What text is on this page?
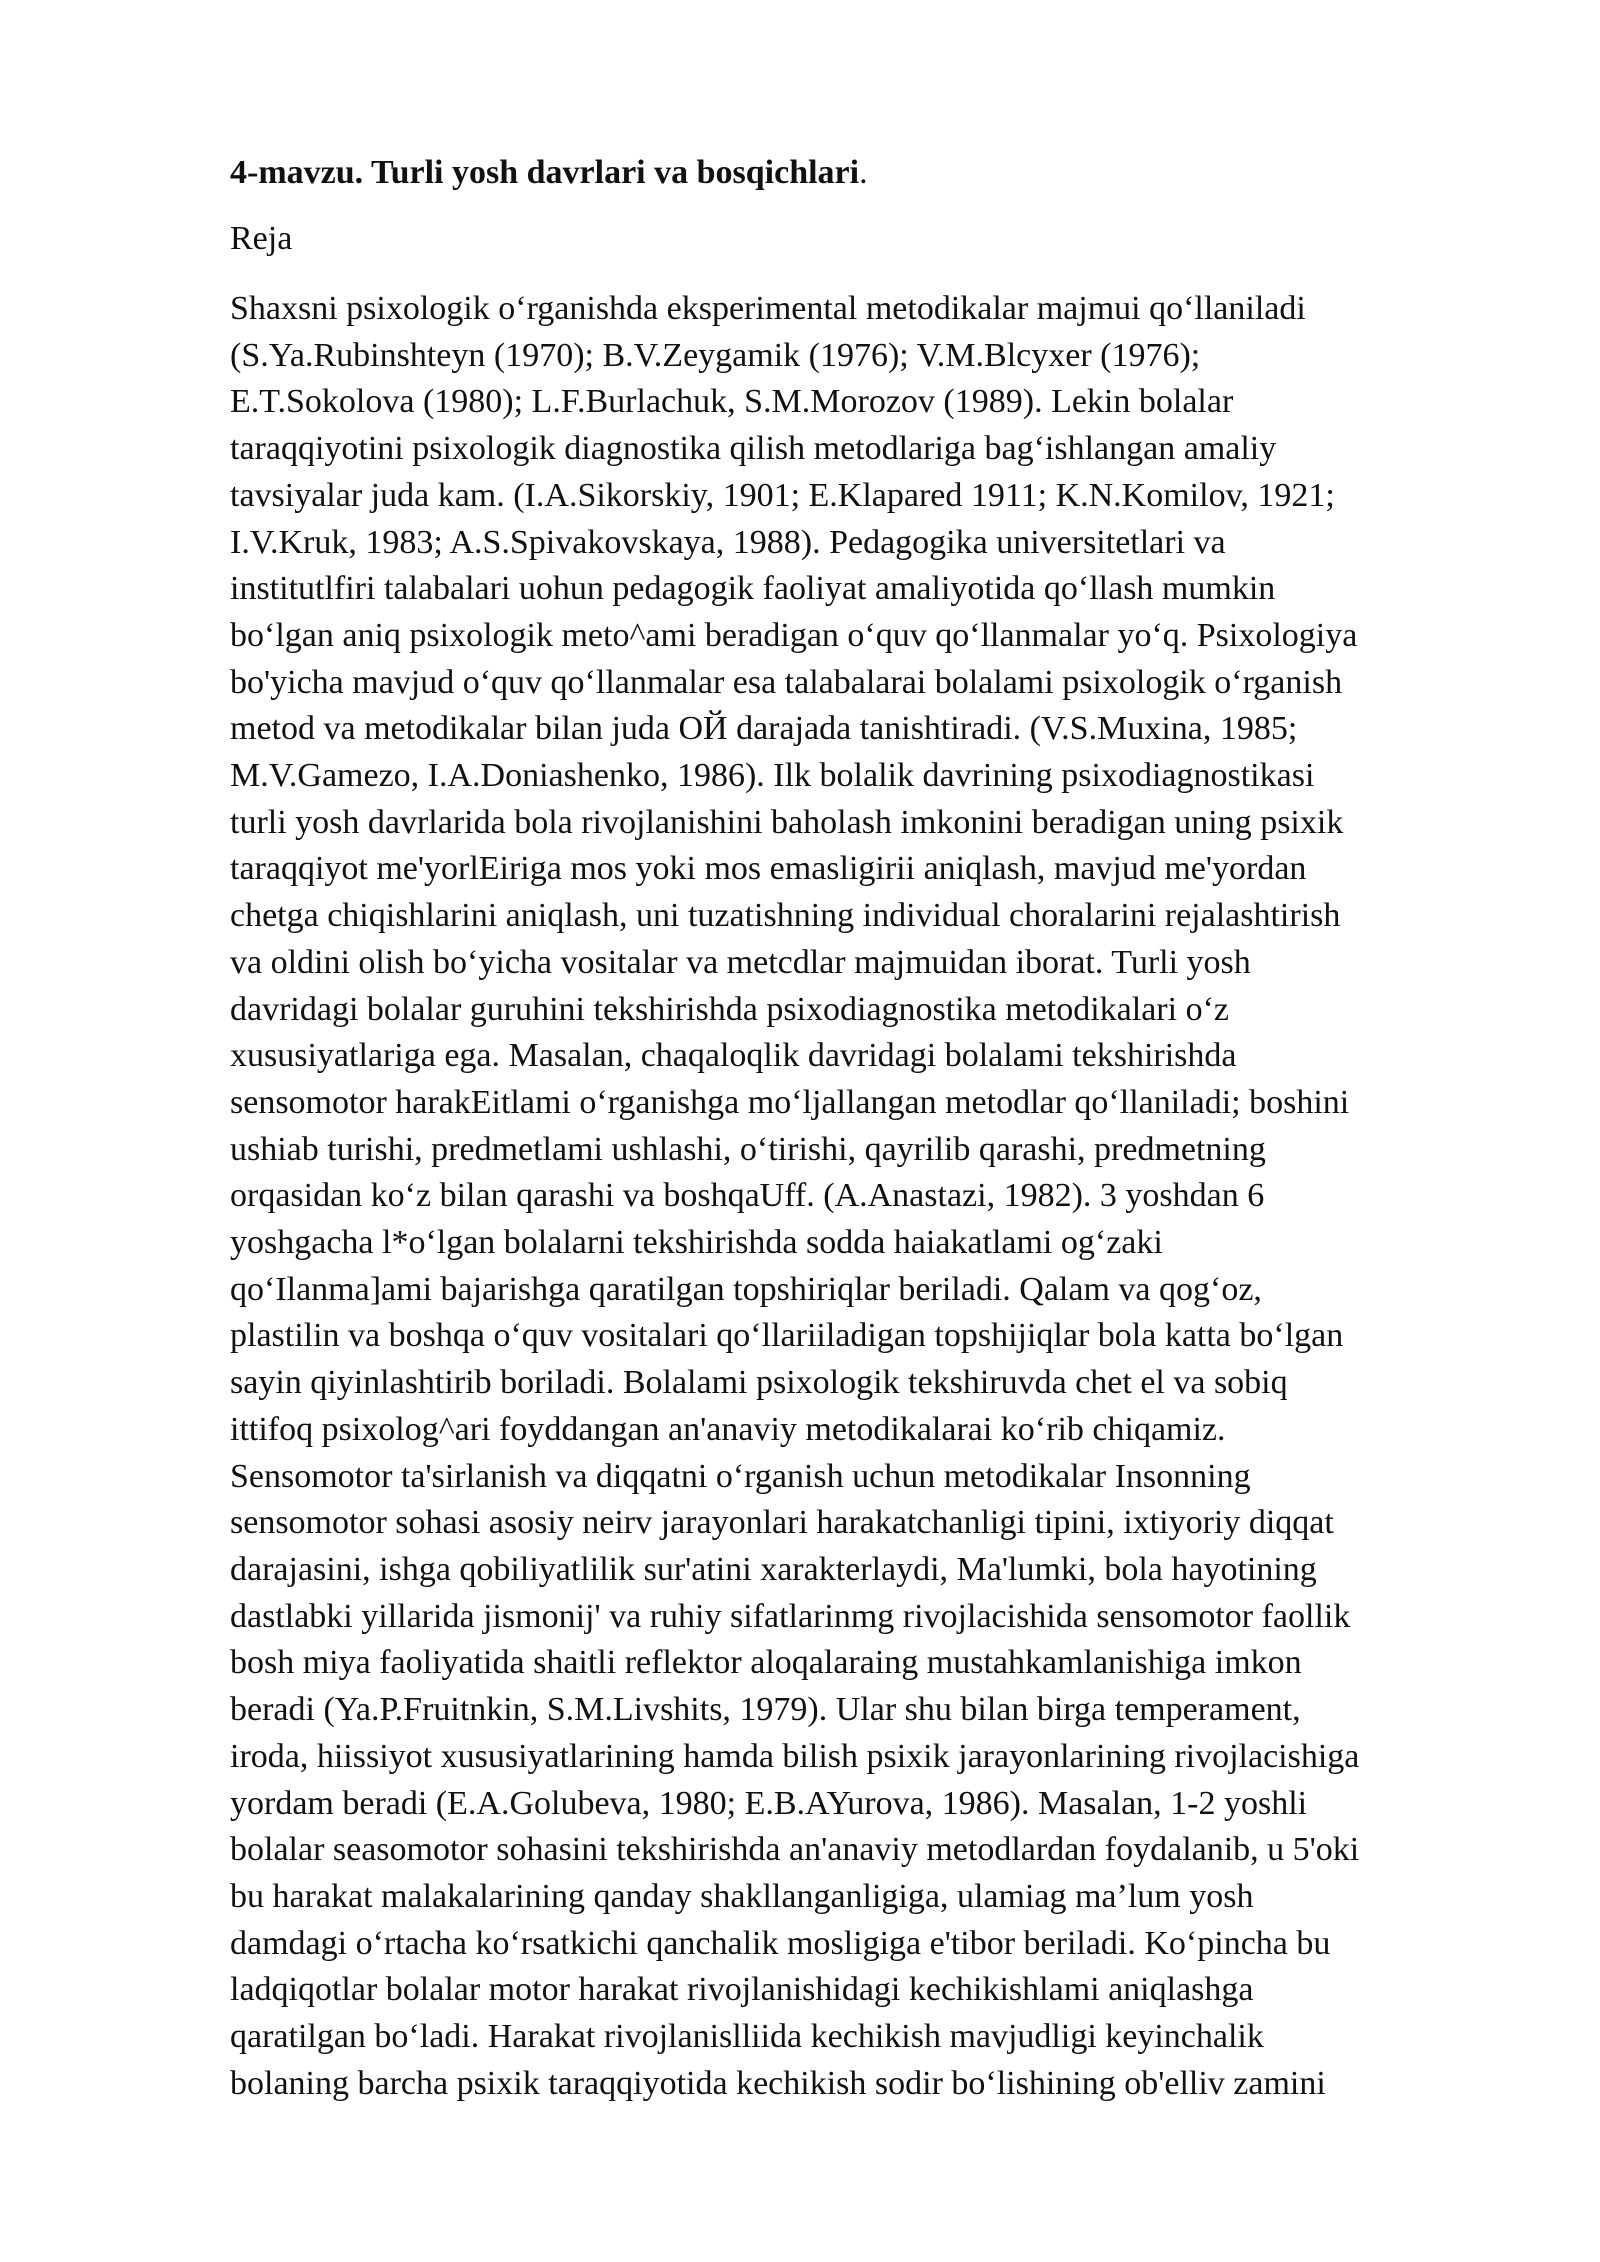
4-mavzu. Turli yosh davrlari va bosqichlari.
Reja
Shaxsni psixologik o‘rganishda eksperimental metodikalar majmui qo‘llaniladi
(S.Ya.Rubinshteyn (1970); B.V.Zeygamik (1976); V.M.Blcyxer (1976);
E.T.Sokolova (1980); L.F.Burlachuk, S.M.Morozov (1989). Lekin bolalar
taraqqiyotini psixologik diagnostika qilish metodlariga bag‘ishlangan amaliy
tavsiyalar juda kam. (I.A.Sikorskiy, 1901; E.Klapared 1911; K.N.Komilov, 1921;
I.V.Kruk, 1983; A.S.Spivakovskaya, 1988). Pedagogika universitetlari va
institutlfiri talabalari uohun pedagogik faoliyat amaliyotida qo‘llash mumkin
bo‘lgan aniq psixologik meto^ami beradigan o‘quv qo‘llanmalar yo‘q. Psixologiya
bo'yicha mavjud o‘quv qo‘llanmalar esa talabalarai bolalami psixologik o‘rganish
metod va metodikalar bilan juda ОЙ darajada tanishtiradi. (V.S.Muxina, 1985;
M.V.Gamezo, I.A.Doniashenko, 1986). Ilk bolalik davrining psixodiagnostikasi
turli yosh davrlarida bola rivojlanishini baholash imkonini beradigan uning psixik
taraqqiyot me'yorlEiriga mos yoki mos emasligirii aniqlash, mavjud me'yordan
chetga chiqishlarini aniqlash, uni tuzatishning individual choralarini rejalashtirish
va oldini olish bo‘yicha vositalar va metcdlar majmuidan iborat. Turli yosh
davridagi bolalar guruhini tekshirishda psixodiagnostika metodikalari o‘z
xususiyatlariga ega. Masalan, chaqaloqlik davridagi bolalami tekshirishda
sensomotor harakEitlami o‘rganishga mo‘ljallangan metodlar qo‘llaniladi; boshini
ushiab turishi, predmetlami ushlashi, o‘tirishi, qayrilib qarashi, predmetning
orqasidan ko‘z bilan qarashi va boshqaUff. (A.Anastazi, 1982). 3 yoshdan 6
yoshgacha l*o‘lgan bolalarni tekshirishda sodda haiakatlami og‘zaki
qo‘Ilanma]ami bajarishga qaratilgan topshiriqlar beriladi. Qalam va qog‘oz,
plastilin va boshqa o‘quv vositalari qo‘llariiladigan topshijiqlar bola katta bo‘lgan
sayin qiyinlashtirib boriladi. Bolalami psixologik tekshiruvda chet el va sobiq
ittifoq psixolog^ari foyddangan an'anaviy metodikalarai ko‘rib chiqamiz.
Sensomotor ta'sirlanish va diqqatni o‘rganish uchun metodikalar Insonning
sensomotor sohasi asosiy neirv jarayonlari harakatchanligi tipini, ixtiyoriy diqqat
darajasini, ishga qobiliyatlilik sur'atini xarakterlaydi, Ma'lumki, bola hayotining
dastlabki yillarida jismonij' va ruhiy sifatlarinmg rivojlacishida sensomotor faollik
bosh miya faoliyatida shaitli reflektor aloqalaraing mustahkamlanishiga imkon
beradi (Ya.P.Fruitnkin, S.M.Livshits, 1979). Ular shu bilan birga temperament,
iroda, hiissiyot xususiyatlarining hamda bilish psixik jarayonlarining rivojlacishiga
yordam beradi (E.A.Golubeva, 1980; E.B.AYurova, 1986). Masalan, 1-2 yoshli
bolalar seasomotor sohasini tekshirishda an'anaviy metodlardan foydalanib, u 5'oki
bu harakat malakalarining qanday shakllanganligiga, ulamiag ma’lum yosh
damdagi o‘rtacha ko‘rsatkichi qanchalik mosligiga e'tibor beriladi. Ko‘pincha bu
ladqiqotlar bolalar motor harakat rivojlanishidagi kechikishlami aniqlashga
qaratilgan bo‘ladi. Harakat rivojlanislliida kechikish mavjudligi keyinchalik
bolaning barcha psixik taraqqiyotida kechikish sodir bo‘lishining ob'elliv zamini
